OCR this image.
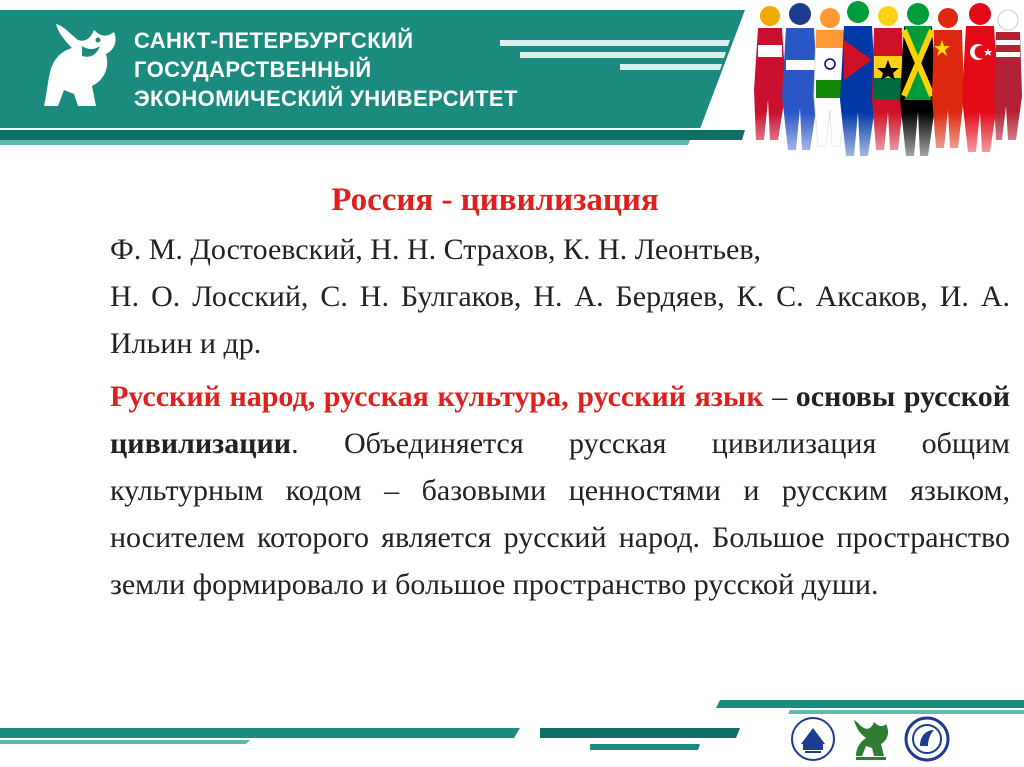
САНКТ-ПЕТЕРБУРГСКИЙ
ГОСУДАРСТВЕННЫЙ
ЭКОНОМИЧЕСКИЙ УНИВЕРСИТЕТ
Россия - цивилизация

Ф. М. Достоевский, Н. Н. Страхов, К. Н. Леонтьев,
Н. О. Лосский, С. Н. Булгаков, Н. А. Бердяев, К. С. Аксаков, И. А. Ильин и др.

Русский народ, русская культура, русский язык – основы русской цивилизации. Объединяется русская цивилизация общим культурным кодом – базовыми ценностями и русским языком, носителем которого является русский народ. Большое пространство земли формировало и большое пространство русской души.
